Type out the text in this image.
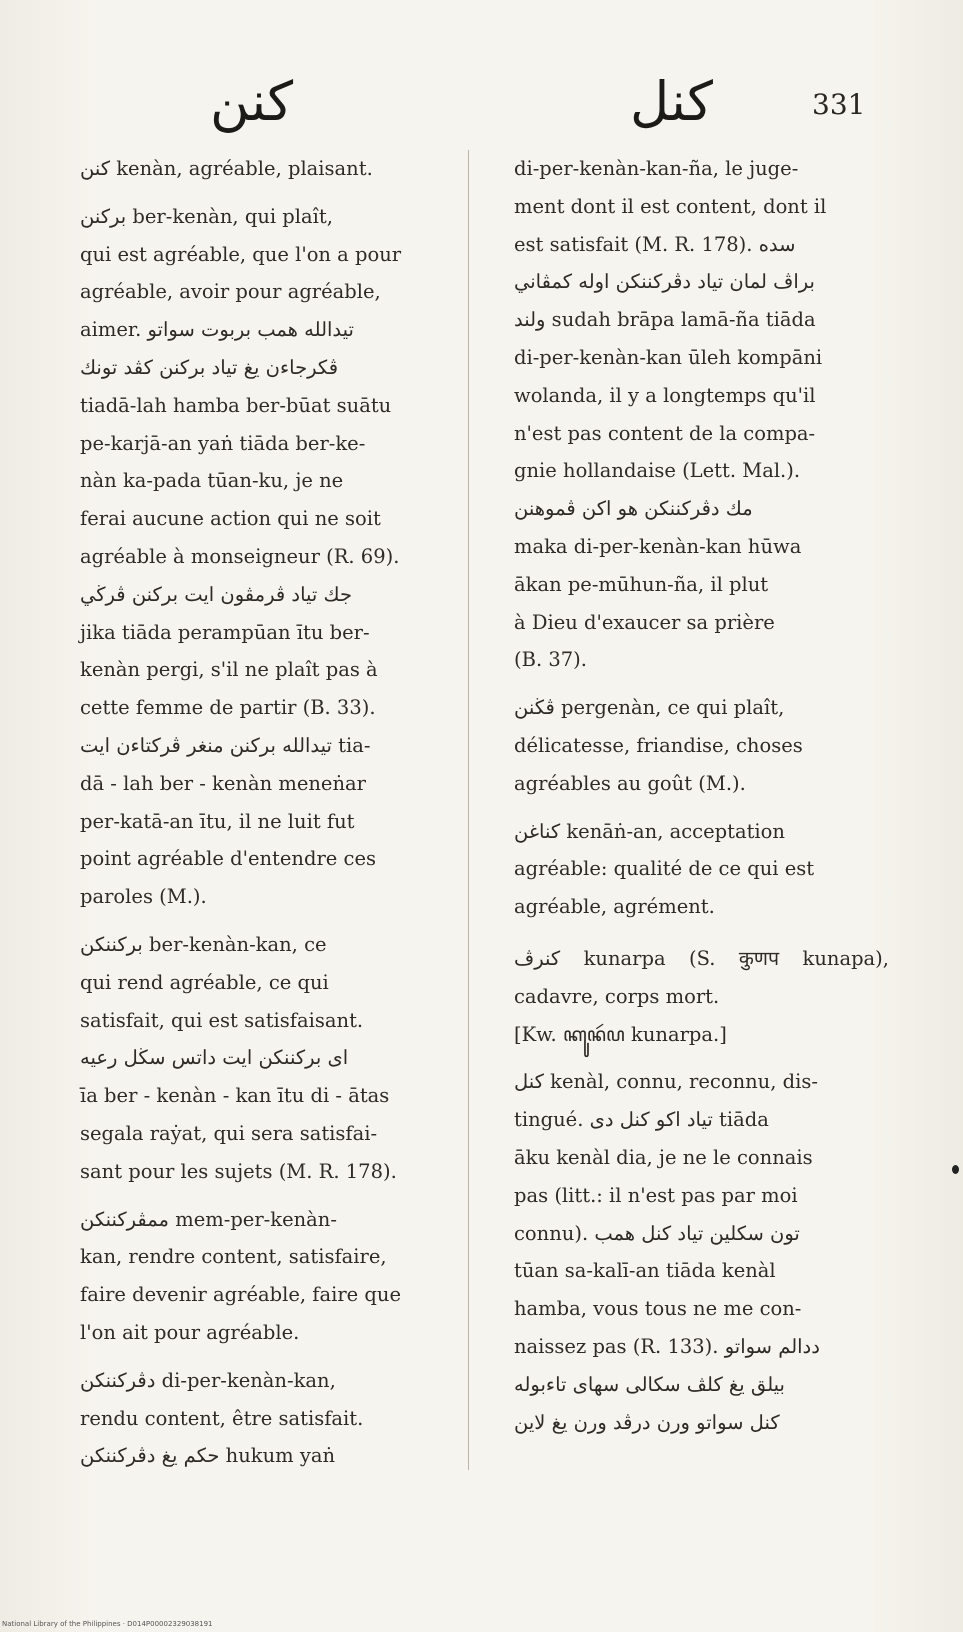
كنن	كنل	331

كنن kenàn, agréable, plaisant.

بركنن ber-kenàn, qui plaît,
qui est agréable, que l'on a pour
agréable, avoir pour agréable,
aimer. تيدالله همب بربوت سواتو
ڤكرجاءن يغ تياد بركنن كڤد تونك
tiadā-lah hamba ber-būat suātu
pe-karjā-an yaṅ tiāda ber-ke-
nàn ka-pada tūan-ku, je ne
ferai aucune action qui ne soit
agréable à monseigneur (R. 69).
جك تياد ڤرمڤون ايت بركنن ڤرڬي
jika tiāda perampūan ītu ber-
kenàn pergi, s'il ne plaît pas à
cette femme de partir (B. 33).
تيدالله بركنن منغر ڤركتاءن ايت tia-
dā - lah ber - kenàn meneṅar
per-katā-an ītu, il ne luit fut
point agréable d'entendre ces
paroles (M.).

بركننكن ber-kenàn-kan, ce
qui rend agréable, ce qui
satisfait, qui est satisfaisant.
اى بركننكن ايت داتس سڬل رعيه
īa ber - kenàn - kan ītu di - ātas
segala raẏat, qui sera satisfai-
sant pour les sujets (M. R. 178).

ممڤركننكن mem-per-kenàn-
kan, rendre content, satisfaire,
faire devenir agréable, faire que
l'on ait pour agréable.

دڤركننكن di-per-kenàn-kan,
rendu content, être satisfait.
حكم يغ دڤركننكن hukum yaṅ

di-per-kenàn-kan-ña, le juge-
ment dont il est content, dont il
est satisfait (M. R. 178). سده
براڤ لمان تياد دڤركننكن اوله كمڤاني
ولند sudah brāpa lamā-ña tiāda
di-per-kenàn-kan ūleh kompāni
wolanda, il y a longtemps qu'il
n'est pas content de la compa-
gnie hollandaise (Lett. Mal.).
مك دڤركننكن هو اكن ڤموهنن
maka di-per-kenàn-kan hūwa
ākan pe-mūhun-ña, il plut
à Dieu d'exaucer sa prière
(B. 37).

ڤڬنن pergenàn, ce qui plaît,
délicatesse, friandise, choses
agréables au goût (M.).

كناغن kenāṅ-an, acceptation
agréable: qualité de ce qui est
agréable, agrément.

كنرڤ kunarpa (S. कुणप kunapa), cadavre, corps mort.

[Kw. ꦏꦸꦤꦂꦥ kunarpa.]

كنل kenàl, connu, reconnu, dis-
tingué. تياد اكو كنل دى tiāda
āku kenàl dia, je ne le connais
pas (litt.: il n'est pas par moi
connu). تون سكلين تياد كنل همب
tūan sa-kalī-an tiāda kenàl
hamba, vous tous ne me con-
naissez pas (R. 133). ددالم سواتو
بيلق يغ كلڤ سكالى سهاى تاءبوله
كنل سواتو ورن درڤد ورن يغ لاين

National Library of the Philippines · D014P00002329038191
